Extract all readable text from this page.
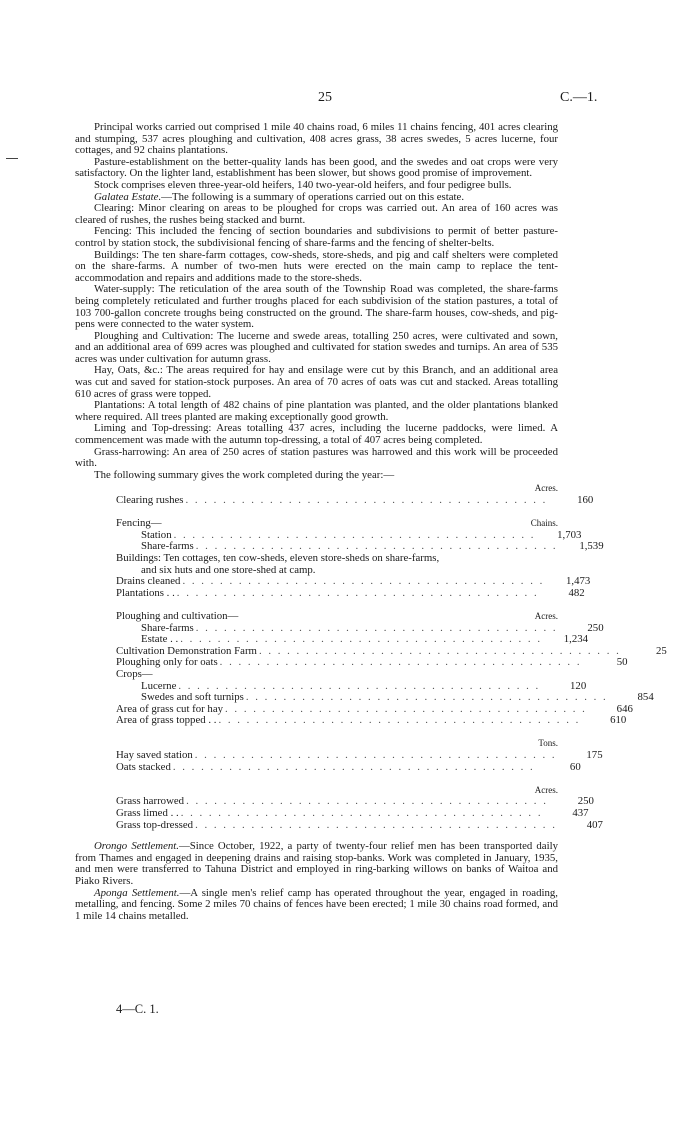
25	C.—1.

Principal works carried out comprised 1 mile 40 chains road, 6 miles 11 chains fencing, 401 acres clearing and stumping, 537 acres ploughing and cultivation, 408 acres grass, 38 acres swedes, 5 acres lucerne, four cottages, and 92 chains plantations.

Pasture-establishment on the better-quality lands has been good, and the swedes and oat crops were very satisfactory. On the lighter land, establishment has been slower, but shows good promise of improvement.

Stock comprises eleven three-year-old heifers, 140 two-year-old heifers, and four pedigree bulls.

Galatea Estate.—The following is a summary of operations carried out on this estate.

Clearing: Minor clearing on areas to be ploughed for crops was carried out. An area of 160 acres was cleared of rushes, the rushes being stacked and burnt.

Fencing: This included the fencing of section boundaries and subdivisions to permit of better pasture-control by station stock, the subdivisional fencing of share-farms and the fencing of shelter-belts.

Buildings: The ten share-farm cottages, cow-sheds, store-sheds, and pig and calf shelters were completed on the share-farms. A number of two-men huts were erected on the main camp to replace the tent-accommodation and repairs and additions made to the store-sheds.

Water-supply: The reticulation of the area south of the Township Road was completed, the share-farms being completely reticulated and further troughs placed for each subdivision of the station pastures, a total of 103 700-gallon concrete troughs being constructed on the ground. The share-farm houses, cow-sheds, and pig-pens were connected to the water system.

Ploughing and Cultivation: The lucerne and swede areas, totalling 250 acres, were cultivated and sown, and an additional area of 699 acres was ploughed and cultivated for station swedes and turnips. An area of 535 acres was under cultivation for autumn grass.

Hay, Oats, &c.: The areas required for hay and ensilage were cut by this Branch, and an additional area was cut and saved for station-stock purposes. An area of 70 acres of oats was cut and stacked. Areas totalling 610 acres of grass were topped.

Plantations: A total length of 482 chains of pine plantation was planted, and the older plantations blanked where required. All trees planted are making exceptionally good growth.

Liming and Top-dressing: Areas totalling 437 acres, including the lucerne paddocks, were limed. A commencement was made with the autumn top-dressing, a total of 407 acres being completed.

Grass-harrowing: An area of 250 acres of station pastures was harrowed and this work will be proceeded with.

The following summary gives the work completed during the year:—

Acres.
Clearing rushes . . . . . . . . . . . . . . . . . . . . . . . . . . . . . . . . . . . . . . .	160
Fencing—	Chains.
Station . . . . . . . . . . . . . . . . . . . . . . . . . . . . . . . . . . . . . . .	1,703
Share-farms . . . . . . . . . . . . . . . . . . . . . . . . . . . . . . . . . . . . . . .	1,539
Buildings: Ten cottages, ten cow-sheds, eleven store-sheds on share-farms,
and six huts and one store-shed at camp.
Drains cleaned . . . . . . . . . . . . . . . . . . . . . . . . . . . . . . . . . . . . . . .	1,473
Plantations . . . . . . . . . . . . . . . . . . . . . . . . . . . . . . . . . . . . . . . . .	482
Ploughing and cultivation—	Acres.
Share-farms . . . . . . . . . . . . . . . . . . . . . . . . . . . . . . . . . . . . . . .	250
Estate . . . . . . . . . . . . . . . . . . . . . . . . . . . . . . . . . . . . . . . . .	1,234
Cultivation Demonstration Farm . . . . . . . . . . . . . . . . . . . . . . . . . . . . . . . . . . . . . . .	25
Ploughing only for oats . . . . . . . . . . . . . . . . . . . . . . . . . . . . . . . . . . . . . . .	50
Crops—
Lucerne . . . . . . . . . . . . . . . . . . . . . . . . . . . . . . . . . . . . . . .	120
Swedes and soft turnips . . . . . . . . . . . . . . . . . . . . . . . . . . . . . . . . . . . . . . .	854
Area of grass cut for hay . . . . . . . . . . . . . . . . . . . . . . . . . . . . . . . . . . . . . . .	646
Area of grass topped . . . . . . . . . . . . . . . . . . . . . . . . . . . . . . . . . . . . . . . . .	610
Tons.
Hay saved station . . . . . . . . . . . . . . . . . . . . . . . . . . . . . . . . . . . . . . .	175
Oats stacked . . . . . . . . . . . . . . . . . . . . . . . . . . . . . . . . . . . . . . .	60
Acres.
Grass harrowed . . . . . . . . . . . . . . . . . . . . . . . . . . . . . . . . . . . . . . .	250
Grass limed . . . . . . . . . . . . . . . . . . . . . . . . . . . . . . . . . . . . . . . . .	437
Grass top-dressed . . . . . . . . . . . . . . . . . . . . . . . . . . . . . . . . . . . . . . .	407

Orongo Settlement.—Since October, 1922, a party of twenty-four relief men has been transported daily from Thames and engaged in deepening drains and raising stop-banks. Work was completed in January, 1935, and men were transferred to Tahuna District and employed in ring-barking willows on banks of Waitoa and Piako Rivers.

Aponga Settlement.—A single men's relief camp has operated throughout the year, engaged in roading, metalling, and fencing. Some 2 miles 70 chains of fences have been erected; 1 mile 30 chains road formed, and 1 mile 14 chains metalled.

4—C. 1.
